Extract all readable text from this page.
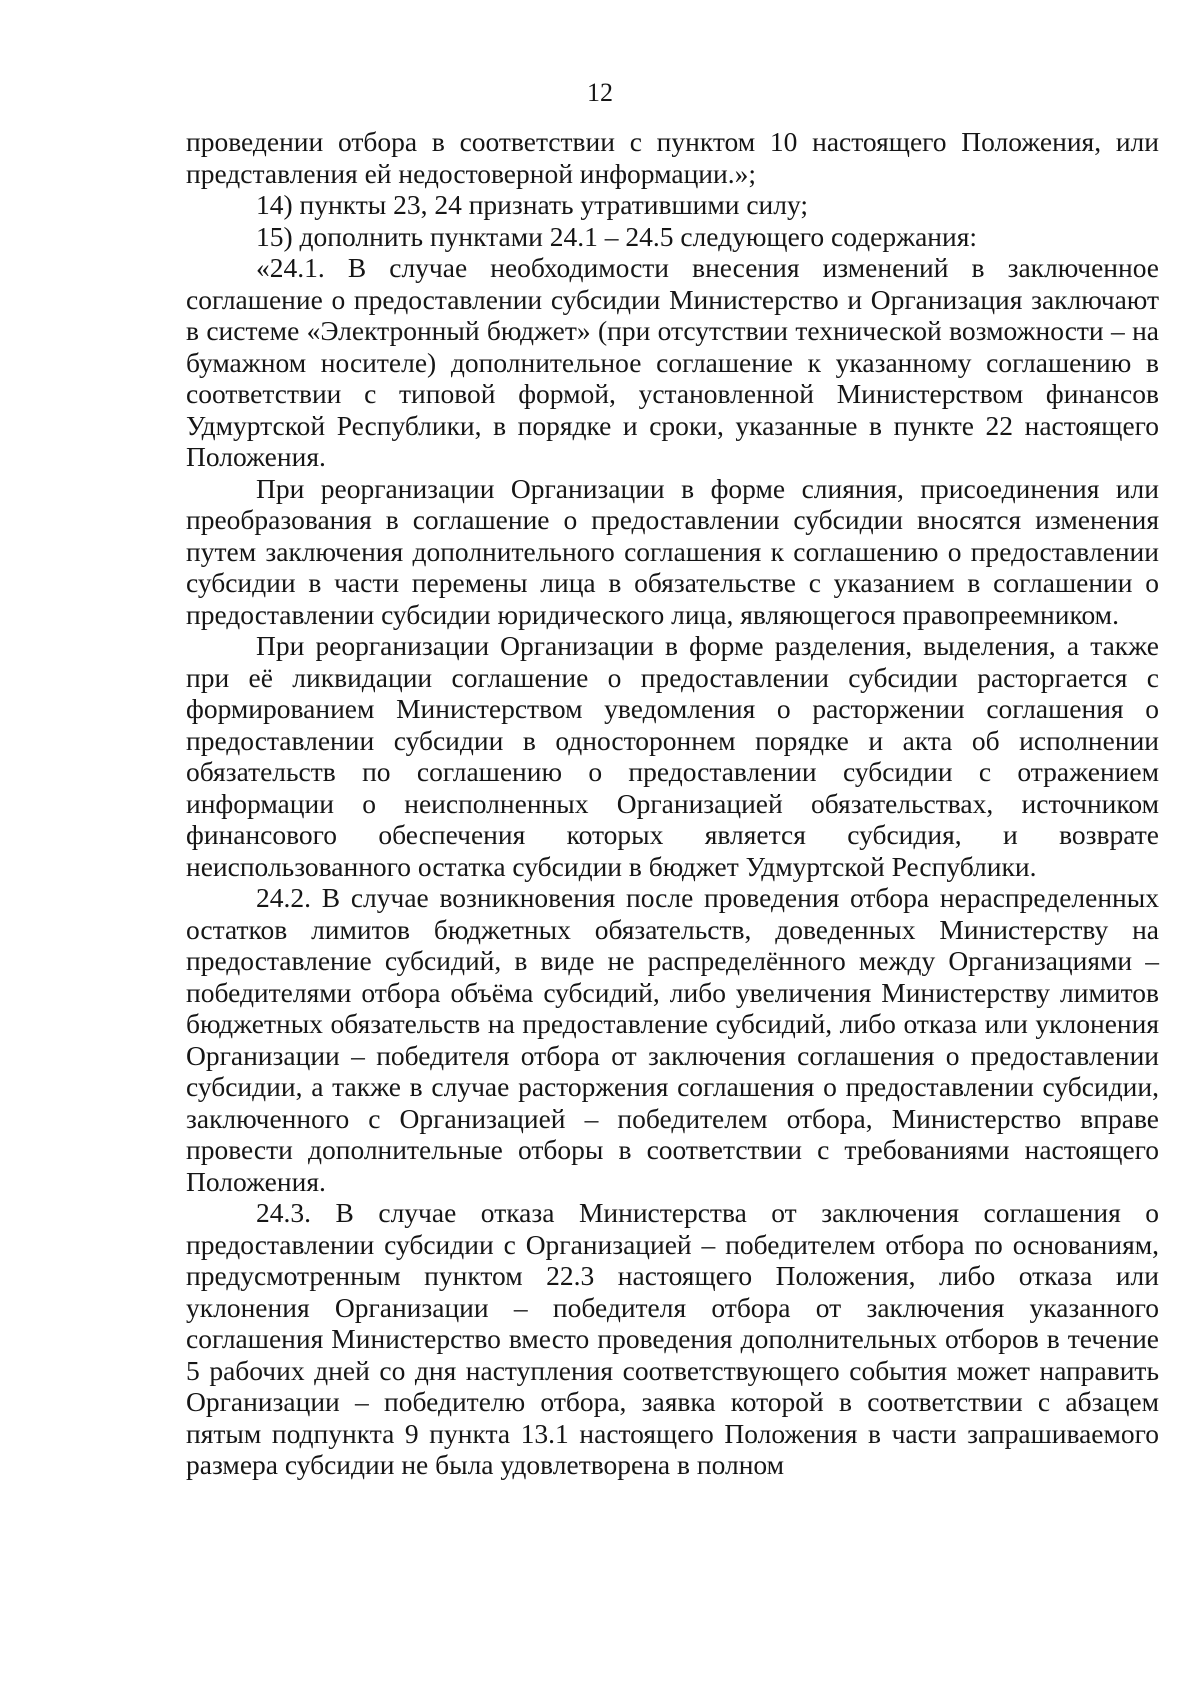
12

проведении отбора в соответствии с пунктом 10 настоящего Положения, или представления ей недостоверной информации.»;

14) пункты 23, 24 признать утратившими силу;

15) дополнить пунктами 24.1 – 24.5 следующего содержания:

«24.1. В случае необходимости внесения изменений в заключенное соглашение о предоставлении субсидии Министерство и Организация заключают в системе «Электронный бюджет» (при отсутствии технической возможности – на бумажном носителе) дополнительное соглашение к указанному соглашению в соответствии с типовой формой, установленной Министерством финансов Удмуртской Республики, в порядке и сроки, указанные в пункте 22 настоящего Положения.

При реорганизации Организации в форме слияния, присоединения или преобразования в соглашение о предоставлении субсидии вносятся изменения путем заключения дополнительного соглашения к соглашению о предоставлении субсидии в части перемены лица в обязательстве с указанием в соглашении о предоставлении субсидии юридического лица, являющегося правопреемником.

При реорганизации Организации в форме разделения, выделения, а также при её ликвидации соглашение о предоставлении субсидии расторгается с формированием Министерством уведомления о расторжении соглашения о предоставлении субсидии в одностороннем порядке и акта об исполнении обязательств по соглашению о предоставлении субсидии с отражением информации о неисполненных Организацией обязательствах, источником финансового обеспечения которых является субсидия, и возврате неиспользованного остатка субсидии в бюджет Удмуртской Республики.

24.2. В случае возникновения после проведения отбора нераспределенных остатков лимитов бюджетных обязательств, доведенных Министерству на предоставление субсидий, в виде не распределённого между Организациями – победителями отбора объёма субсидий, либо увеличения Министерству лимитов бюджетных обязательств на предоставление субсидий, либо отказа или уклонения Организации – победителя отбора от заключения соглашения о предоставлении субсидии, а также в случае расторжения соглашения о предоставлении субсидии, заключенного с Организацией – победителем отбора, Министерство вправе провести дополнительные отборы в соответствии с требованиями настоящего Положения.

24.3. В случае отказа Министерства от заключения соглашения о предоставлении субсидии с Организацией – победителем отбора по основаниям, предусмотренным пунктом 22.3 настоящего Положения, либо отказа или уклонения Организации – победителя отбора от заключения указанного соглашения Министерство вместо проведения дополнительных отборов в течение 5 рабочих дней со дня наступления соответствующего события может направить Организации – победителю отбора, заявка которой в соответствии с абзацем пятым подпункта 9 пункта 13.1 настоящего Положения в части запрашиваемого размера субсидии не была удовлетворена в полном
